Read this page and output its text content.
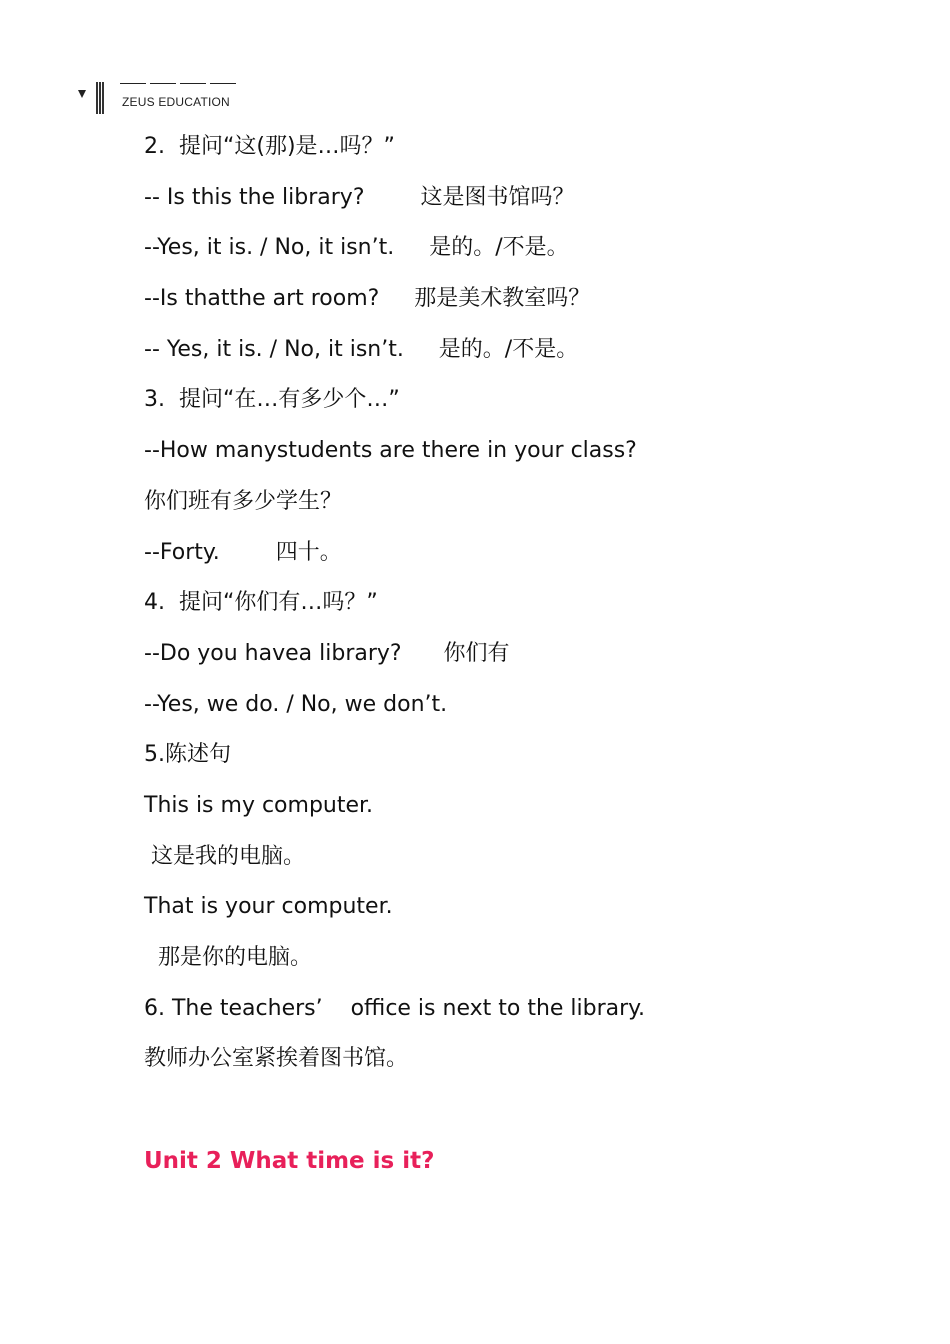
ZEUS EDUCATION
2.  提问“这(那)是…吗？”
-- Is this the library?        这是图书馆吗？
--Yes, it is. / No, it isn’t.     是的。/不是。
--Is thatthe art room?     那是美术教室吗？
-- Yes, it is. / No, it isn’t.     是的。/不是。
3.  提问“在…有多少个…”
--How manystudents are there in your class?
你们班有多少学生？
--Forty.        四十。
4.  提问“你们有…吗？”
--Do you havea library?      你们有
--Yes, we do. / No, we don’t.
5.陈述句
This is my computer.
这是我的电脑。
That is your computer.
那是你的电脑。
6. The teachers’    office is next to the library.
教师办公室紧挨着图书馆。
Unit 2 What time is it?
